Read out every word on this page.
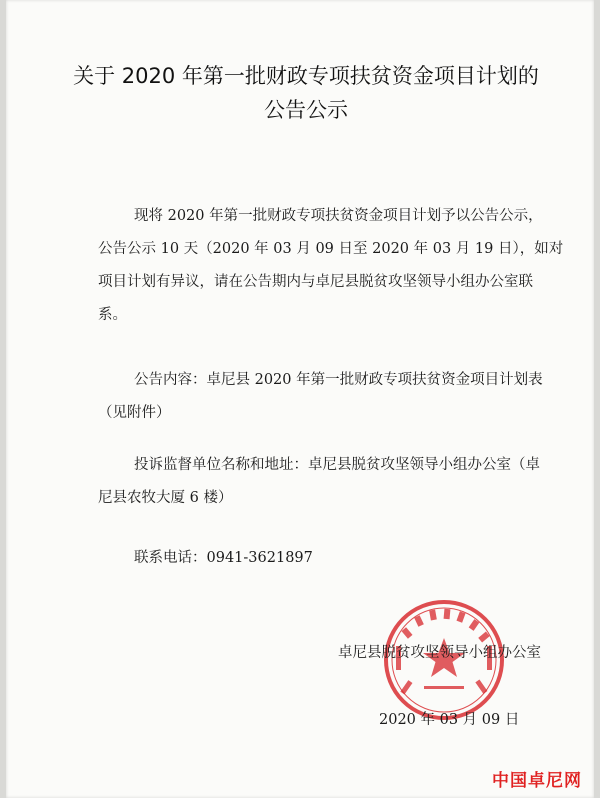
关于 2020 年第一批财政专项扶贫资金项目计划的
公告公示
现将 2020 年第一批财政专项扶贫资金项目计划予以公告公示，
公告公示 10 天（2020 年 03 月 09 日至 2020 年 03 月 19 日），如对
项目计划有异议，请在公告期内与卓尼县脱贫攻坚领导小组办公室联
系。
公告内容：卓尼县 2020 年第一批财政专项扶贫资金项目计划表
（见附件）
投诉监督单位名称和地址：卓尼县脱贫攻坚领导小组办公室（卓
尼县农牧大厦 6 楼）
联系电话：0941-3621897
卓尼县脱贫攻坚领导小组办公室
2020 年 03 月 09 日
中国卓尼网
